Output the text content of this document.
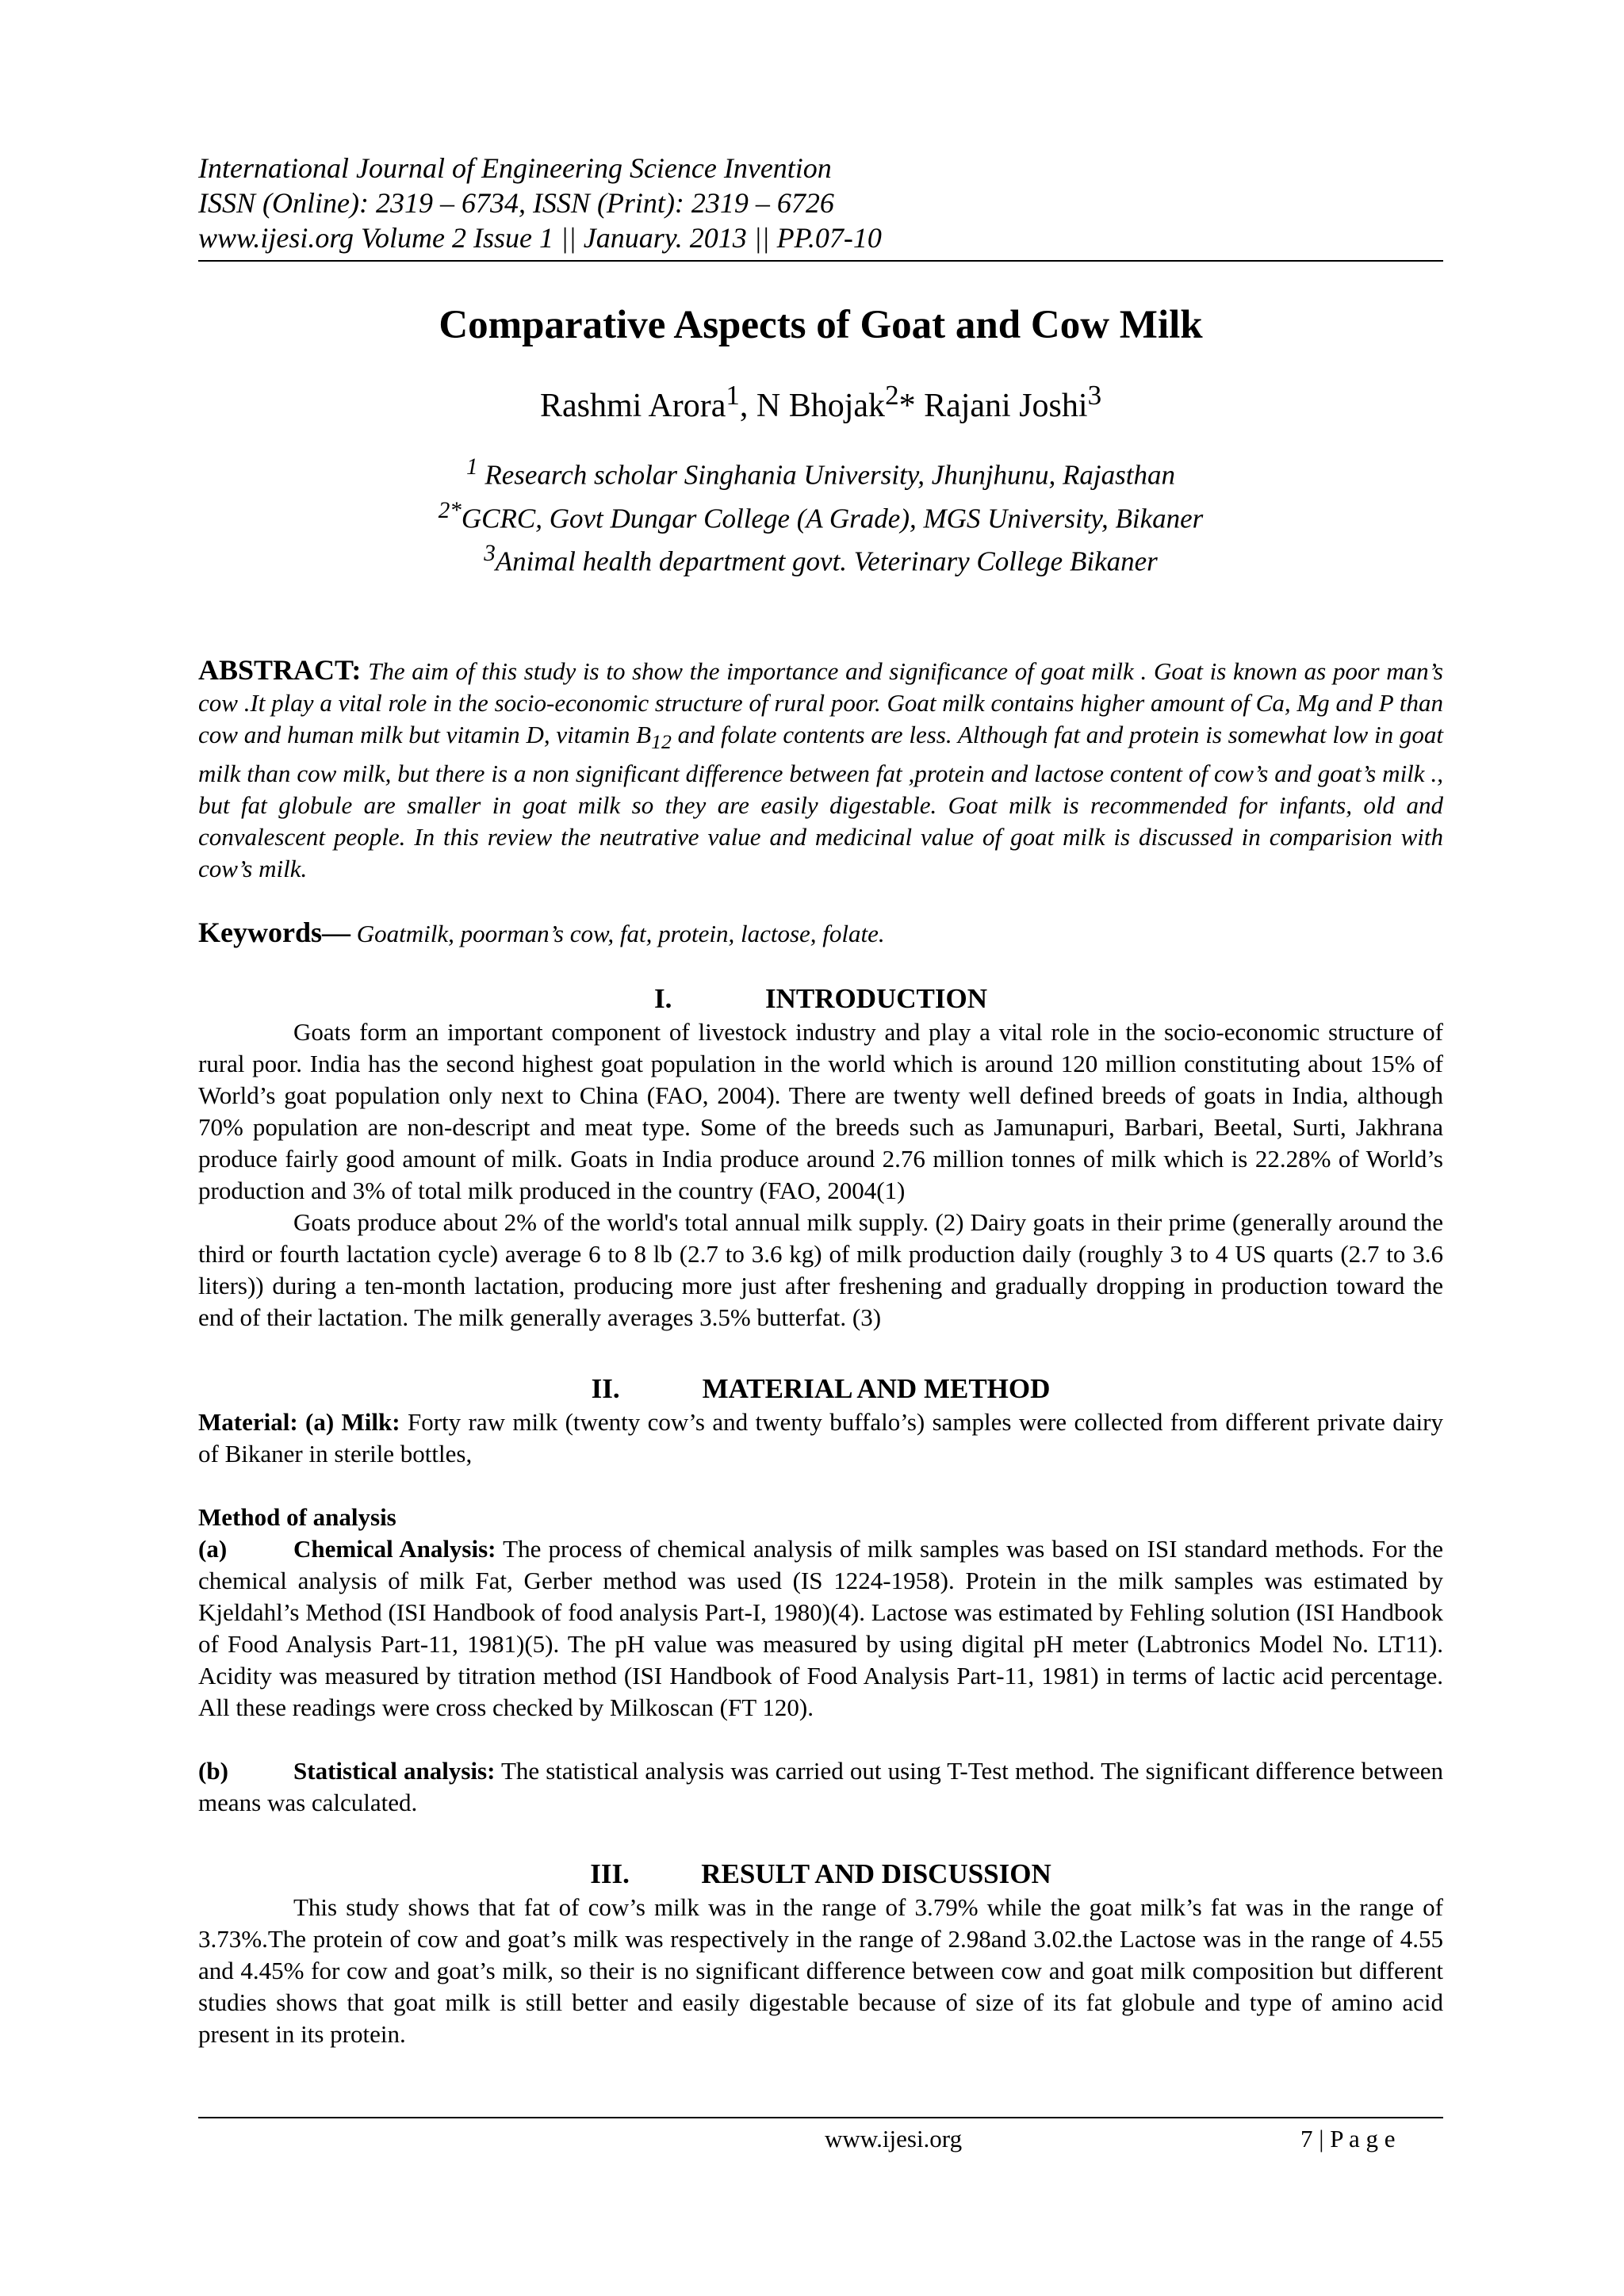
International Journal of Engineering Science Invention
ISSN (Online): 2319 – 6734, ISSN (Print): 2319 – 6726
www.ijesi.org Volume 2 Issue 1 || January. 2013 || PP.07-10
Comparative Aspects of Goat and Cow Milk
Rashmi Arora$^1$, N Bhojak$^2$* Rajani Joshi$^3$
$^1$ Research scholar Singhania University, Jhunjhunu, Rajasthan
$^{2*}$GCRC, Govt Dungar College (A Grade), MGS University, Bikaner
$^3$Animal health department govt. Veterinary College Bikaner
ABSTRACT: The aim of this study is to show the importance and significance of goat milk . Goat is known as poor man’s cow .It play a vital role in the socio-economic structure of rural poor. Goat milk contains higher amount of Ca, Mg and P than cow and human milk but vitamin D, vitamin $B_{12}$ and folate contents are less. Although fat and protein is somewhat low in goat milk than cow milk, but there is a non significant difference between fat ,protein and lactose content of cow’s and goat’s milk ., but fat globule are smaller in goat milk so they are easily digestable. Goat milk is recommended for infants, old and convalescent people. In this review the neutrative value and medicinal value of goat milk is discussed in comparision with cow’s milk.
Keywords— Goatmilk, poorman’s cow, fat, protein, lactose, folate.
I.	INTRODUCTION

Goats form an important component of livestock industry and play a vital role in the socio-economic structure of rural poor. India has the second highest goat population in the world which is around 120 million constituting about 15% of World’s goat population only next to China (FAO, 2004). There are twenty well defined breeds of goats in India, although 70% population are non-descript and meat type. Some of the breeds such as Jamunapuri, Barbari, Beetal, Surti, Jakhrana produce fairly good amount of milk. Goats in India produce around 2.76 million tonnes of milk which is 22.28% of World’s production and 3% of total milk produced in the country (FAO, 2004(1)

Goats produce about 2% of the world's total annual milk supply. (2) Dairy goats in their prime (generally around the third or fourth lactation cycle) average 6 to 8 lb (2.7 to 3.6 kg) of milk production daily (roughly 3 to 4 US quarts (2.7 to 3.6 liters)) during a ten-month lactation, producing more just after freshening and gradually dropping in production toward the end of their lactation. The milk generally averages 3.5% butterfat. (3)

II.	MATERIAL AND METHOD

Material: (a) Milk: Forty raw milk (twenty cow’s and twenty buffalo’s) samples were collected from different private dairy of Bikaner in sterile bottles,

Method of analysis

(a)	Chemical Analysis: The process of chemical analysis of milk samples was based on ISI standard methods. For the chemical analysis of milk Fat, Gerber method was used (IS 1224-1958). Protein in the milk samples was estimated by Kjeldahl’s Method (ISI Handbook of food analysis Part-I, 1980)(4). Lactose was estimated by Fehling solution (ISI Handbook of Food Analysis Part-11, 1981)(5). The pH value was measured by using digital pH meter (Labtronics Model No. LT11). Acidity was measured by titration method (ISI Handbook of Food Analysis Part-11, 1981) in terms of lactic acid percentage. All these readings were cross checked by Milkoscan (FT 120).

(b)	Statistical analysis: The statistical analysis was carried out using T-Test method. The significant difference between means was calculated.

III.	RESULT AND DISCUSSION

This study shows that fat of cow’s milk was in the range of 3.79% while the goat milk’s fat was in the range of 3.73%.The protein of cow and goat’s milk was respectively in the range of 2.98and 3.02.the Lactose was in the range of 4.55 and 4.45% for cow and goat’s milk, so their is no significant difference between cow and goat milk composition but different studies shows that goat milk is still better and easily digestable because of size of its fat globule and type of amino acid present in its protein.

www.ijesi.org	7 | P a g e
